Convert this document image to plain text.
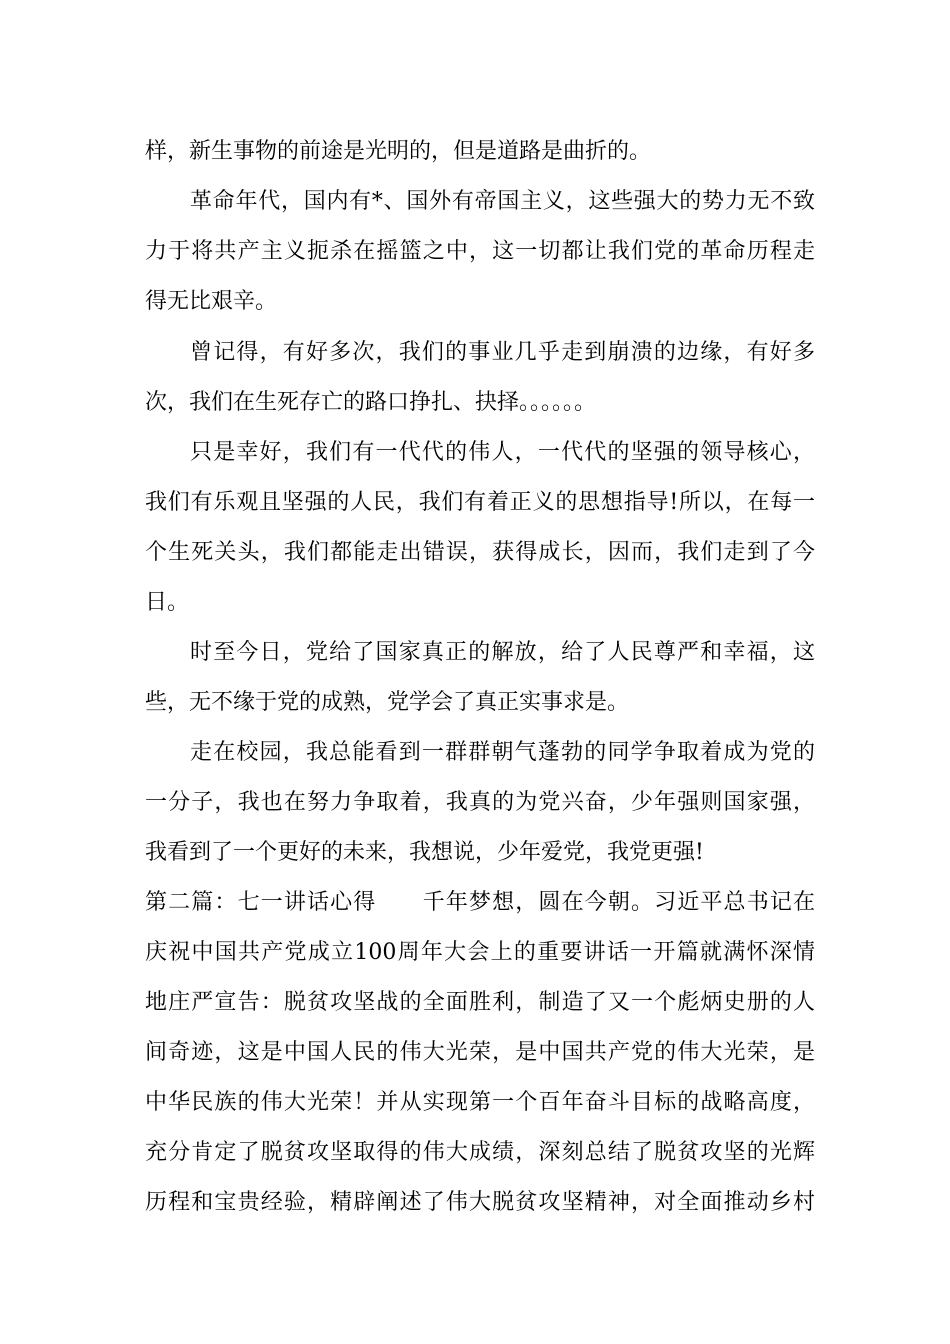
样，新生事物的前途是光明的，但是道路是曲折的。
革命年代，国内有*、国外有帝国主义，这些强大的势力无不致
力于将共产主义扼杀在摇篮之中，这一切都让我们党的革命历程走
得无比艰辛。
曾记得，有好多次，我们的事业几乎走到崩溃的边缘，有好多
次，我们在生死存亡的路口挣扎、抉择。。。。。。
只是幸好，我们有一代代的伟人，一代代的坚强的领导核心，
我们有乐观且坚强的人民，我们有着正义的思想指导!所以，在每一
个生死关头，我们都能走出错误，获得成长，因而，我们走到了今
日。
时至今日，党给了国家真正的解放，给了人民尊严和幸福，这
些，无不缘于党的成熟，党学会了真正实事求是。
走在校园，我总能看到一群群朝气蓬勃的同学争取着成为党的
一分子，我也在努力争取着，我真的为党兴奋，少年强则国家强，
我看到了一个更好的未来，我想说，少年爱党，我党更强!
第二篇：七一讲话心得　　千年梦想，圆在今朝。习近平总书记在
庆祝中国共产党成立100周年大会上的重要讲话一开篇就满怀深情
地庄严宣告：脱贫攻坚战的全面胜利，制造了又一个彪炳史册的人
间奇迹，这是中国人民的伟大光荣，是中国共产党的伟大光荣，是
中华民族的伟大光荣！并从实现第一个百年奋斗目标的战略高度，
充分肯定了脱贫攻坚取得的伟大成绩，深刻总结了脱贫攻坚的光辉
历程和宝贵经验，精辟阐述了伟大脱贫攻坚精神，对全面推动乡村
